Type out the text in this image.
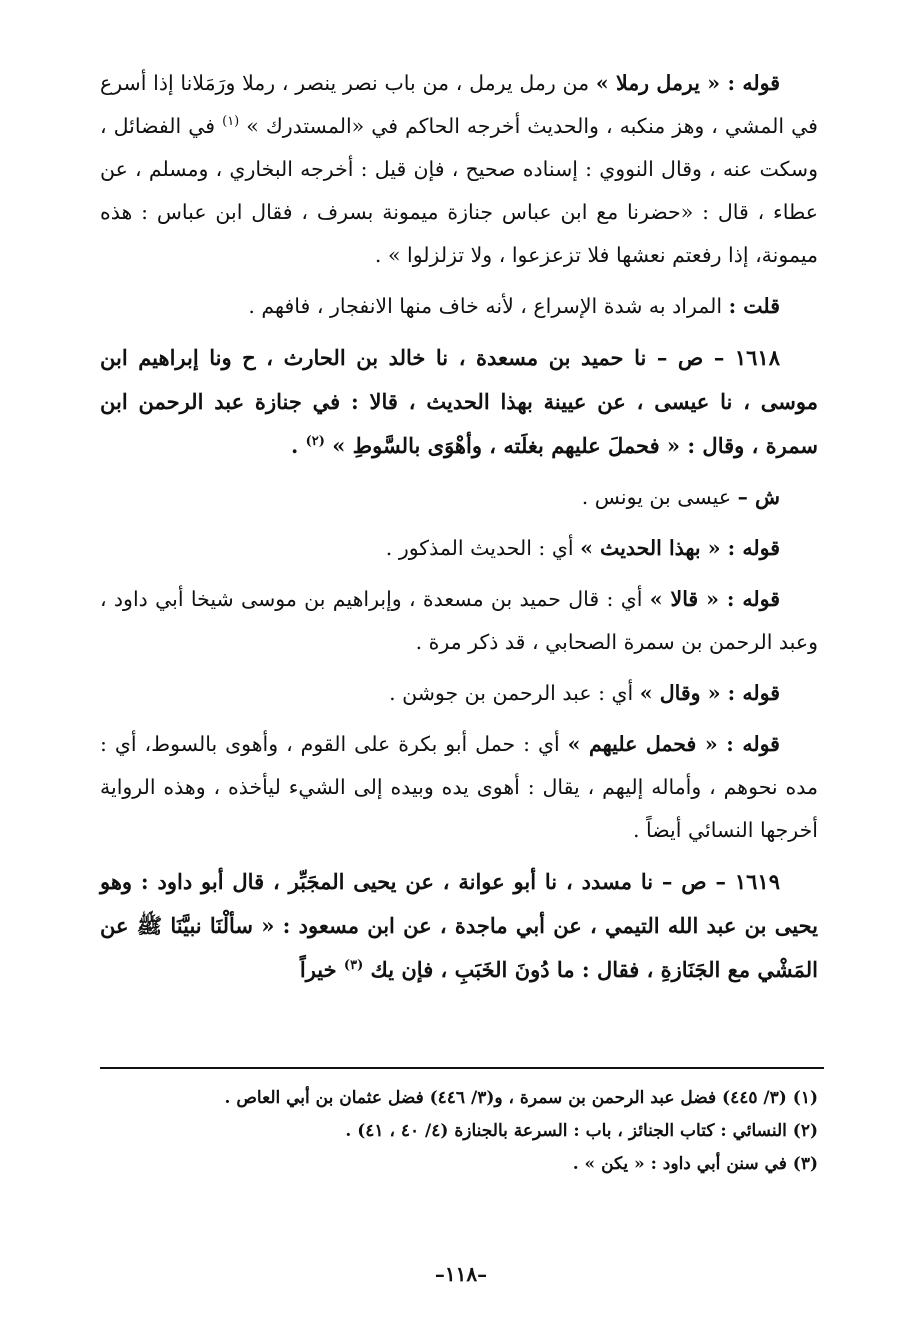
قوله : « يرمل رملا » من رمل يرمل ، من باب نصر ينصر ، رملا ورَمَلانا إذا أسرع في المشي ، وهز منكبه ، والحديث أخرجه الحاكم في «المستدرك » $^{(١)}$ في الفضائل ، وسكت عنه ، وقال النووي : إسناده صحيح ، فإن قيل : أخرجه البخاري ، ومسلم ، عن عطاء ، قال : «حضرنا مع ابن عباس جنازة ميمونة بسرف ، فقال ابن عباس : هذه ميمونة، إذا رفعتم نعشها فلا تزعزعوا ، ولا تزلزلوا » .

قلت : المراد به شدة الإسراع ، لأنه خاف منها الانفجار ، فافهم .

١٦١٨ – ص – نا حميد بن مسعدة ، نا خالد بن الحارث ، ح ونا إبراهيم ابن موسى ، نا عيسى ، عن عيينة بهذا الحديث ، قالا : في جنازة عبد الرحمن ابن سمرة ، وقال : « فحملَ عليهم بغلَته ، وأهْوَى بالسَّوطِ » $^{(٢)}$ .

ش – عيسى بن يونس .

قوله : « بهذا الحديث » أي : الحديث المذكور .

قوله : « قالا » أي : قال حميد بن مسعدة ، وإبراهيم بن موسى شيخا أبي داود ، وعبد الرحمن بن سمرة الصحابي ، قد ذكر مرة .

قوله : « وقال » أي : عبد الرحمن بن جوشن .

قوله : « فحمل عليهم » أي : حمل أبو بكرة على القوم ، وأهوى بالسوط، أي : مده نحوهم ، وأماله إليهم ، يقال : أهوى يده وبيده إلى الشيء ليأخذه ، وهذه الرواية أخرجها النسائي أيضاً .

١٦١٩ – ص – نا مسدد ، نا أبو عوانة ، عن يحيى المجَبِّر ، قال أبو داود : وهو يحيى بن عبد الله التيمي ، عن أبي ماجدة ، عن ابن مسعود : « سألْنَا نبيَّنَا ﷺ عن المَشْي مع الجَنَازةِ ، فقال : ما دُونَ الخَبَبِ ، فإن يك $^{(٣)}$ خيراً

(١) (٣/ ٤٤٥) فضل عبد الرحمن بن سمرة ، و(٣/ ٤٤٦) فضل عثمان بن أبي العاص .

(٢) النسائي : كتاب الجنائز ، باب : السرعة بالجنازة (٤/ ٤٠ ، ٤١) .

(٣) في سنن أبي داود : « يكن » .

–١١٨–
